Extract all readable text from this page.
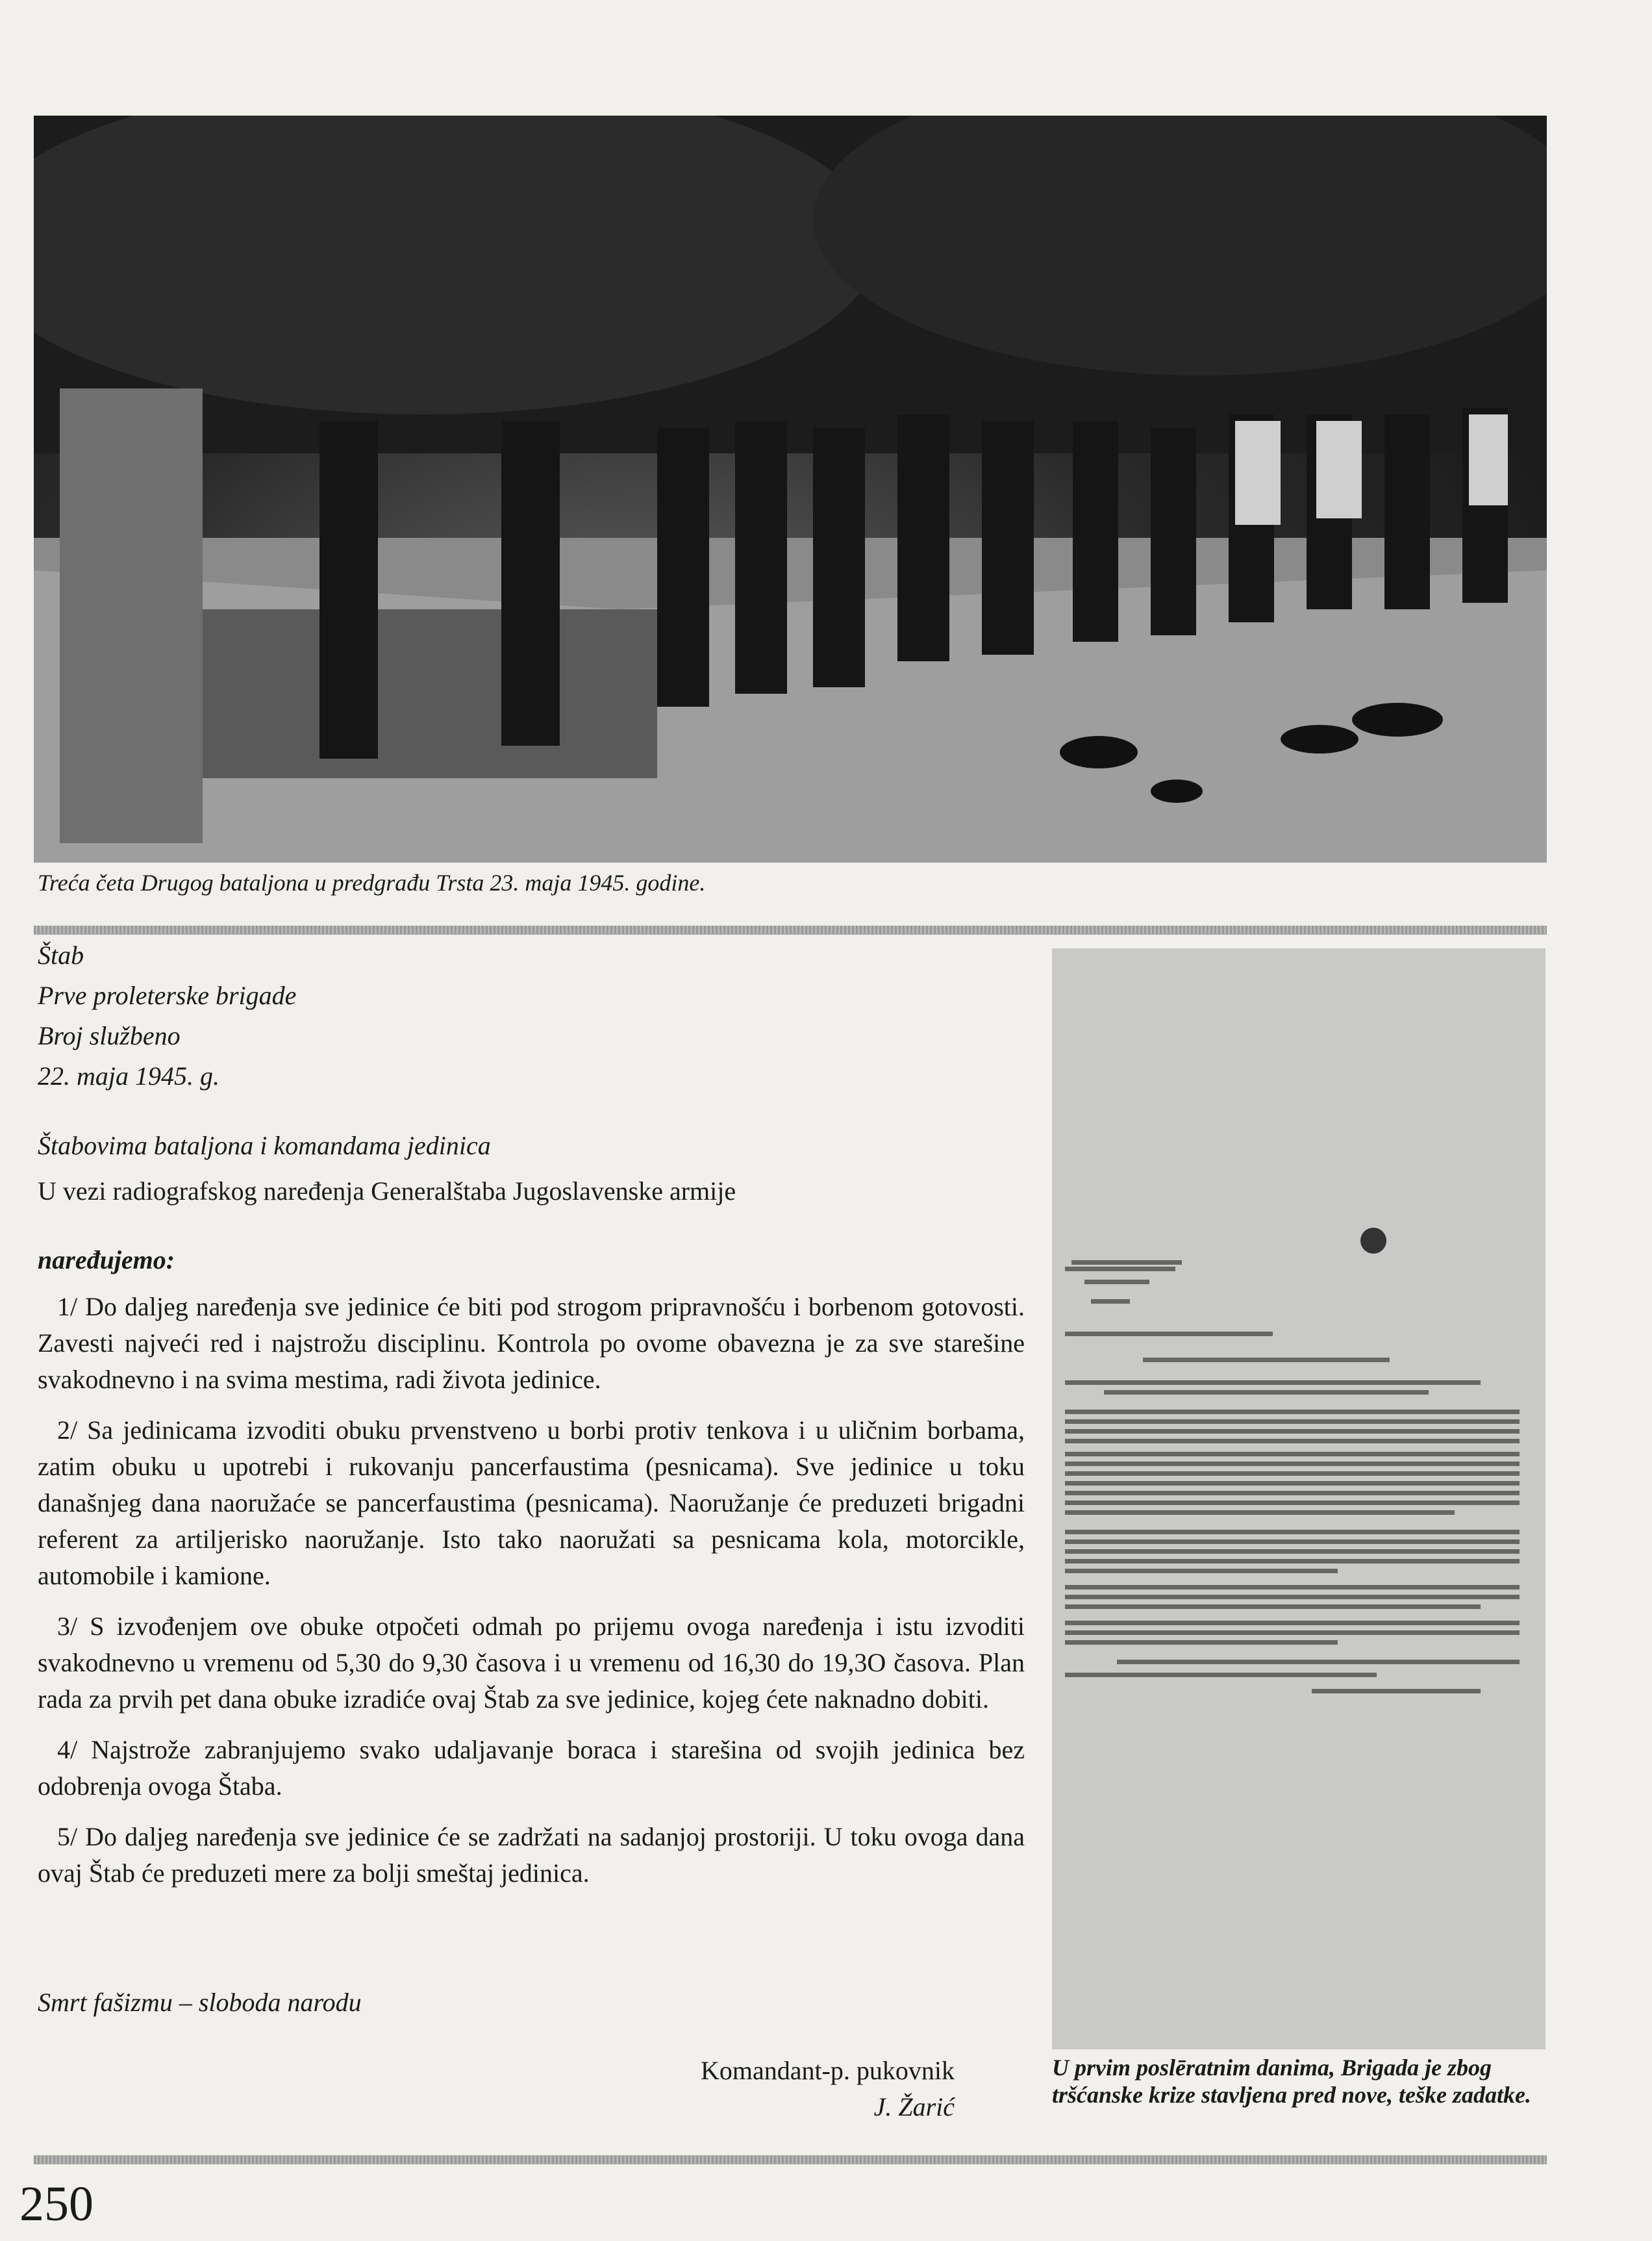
Treća četa Drugog bataljona u predgrađu Trsta 23. maja 1945. godine.
Štab
Prve proleterske brigade
Broj službeno
22. maja 1945. g.
Štabovima bataljona i komandama jedinica
U vezi radiografskog naređenja Generalštaba Jugoslavenske armije
naređujemo:

1/ Do daljeg naređenja sve jedinice će biti pod strogom pripravnošću i borbenom gotovosti. Zavesti najveći red i najstrožu disciplinu. Kontrola po ovome obavezna je za sve starešine svakodnevno i na svima mestima, radi života jedinice.

2/ Sa jedinicama izvoditi obuku prvenstveno u borbi protiv tenkova i u uličnim borbama, zatim obuku u upotrebi i rukovanju pancerfaustima (pesnicama). Sve jedinice u toku današnjeg dana naoružaće se pancerfaustima (pesnicama). Naoružanje će preduzeti brigadni referent za artiljerisko naoružanje. Isto tako naoružati sa pesnicama kola, motorcikle, automobile i kamione.

3/ S izvođenjem ove obuke otpočeti odmah po prijemu ovoga naređenja i istu izvoditi svakodnevno u vremenu od 5,30 do 9,30 časova i u vremenu od 16,30 do 19,3O časova. Plan rada za prvih pet dana obuke izradiće ovaj Štab za sve jedinice, kojeg ćete naknadno dobiti.

4/ Najstrože zabranjujemo svako udaljavanje boraca i starešina od svojih jedinica bez odobrenja ovoga Štaba.

5/ Do daljeg naređenja sve jedinice će se zadržati na sadanjoj prostoriji. U toku ovoga dana ovaj Štab će preduzeti mere za bolji smeštaj jedinica.

Smrt fašizmu – sloboda narodu
Komandant-p. pukovnik
J. Žarić
U prvim poslēratnim danima, Brigada je zbog tršćanske krize stavljena pred nove, teške zadatke.
250
